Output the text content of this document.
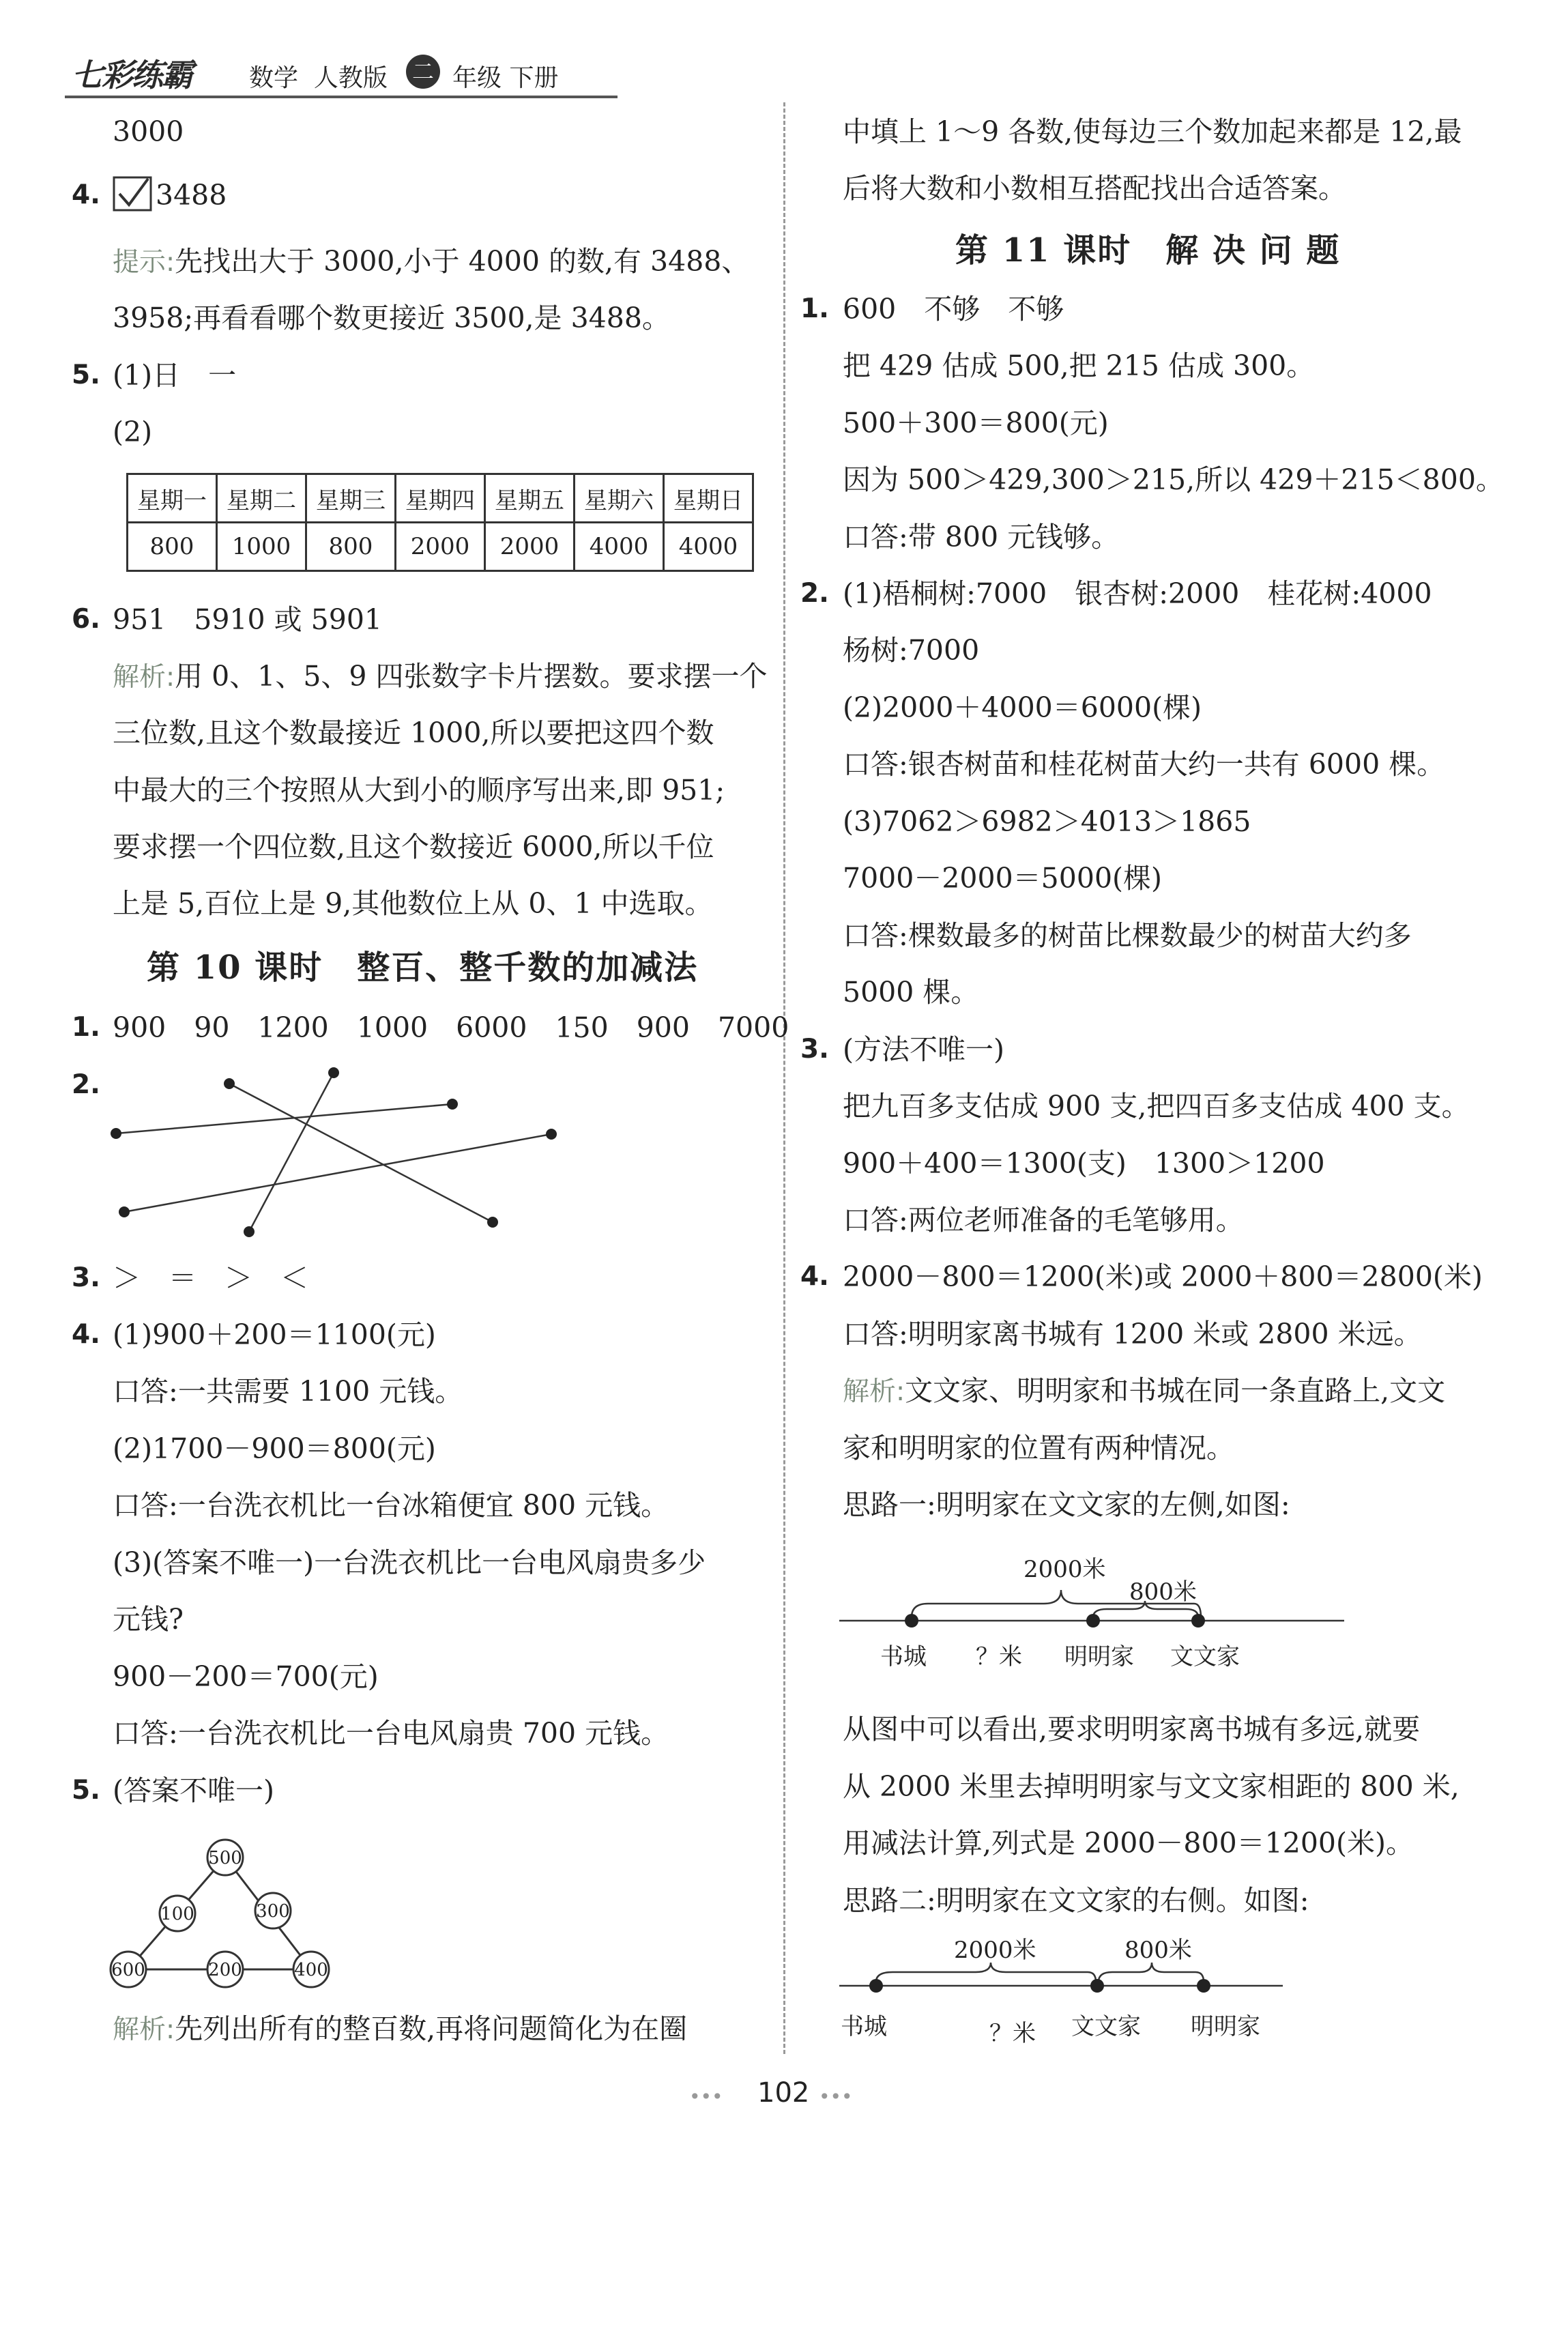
七彩练霸 数学 人教版 二 年级 下册
3000
4. 3488
提示:先找出大于 3000,小于 4000 的数,有 3488、
3958;再看看哪个数更接近 3500,是 3488。
5. (1)日　一
(2)
星期一	星期二	星期三	星期四	星期五	星期六	星期日
800	1000	800	2000	2000	4000	4000
6. 951　5910 或 5901
解析:用 0、1、5、9 四张数字卡片摆数。要求摆一个
三位数,且这个数最接近 1000,所以要把这四个数
中最大的三个按照从大到小的顺序写出来,即 951;
要求摆一个四位数,且这个数接近 6000,所以千位
上是 5,百位上是 9,其他数位上从 0、1 中选取。
第 10 课时　整百、整千数的加减法
1. 900　90　1200　1000　6000　150　900　7000
2.
3. ＞　＝　＞　＜
4. (1)900＋200＝1100(元)
口答:一共需要 1100 元钱。
(2)1700－900＝800(元)
口答:一台洗衣机比一台冰箱便宜 800 元钱。
(3)(答案不唯一)一台洗衣机比一台电风扇贵多少
元钱?
900－200＝700(元)
口答:一台洗衣机比一台电风扇贵 700 元钱。
5. (答案不唯一)
500
100	300
600	200	400
解析:先列出所有的整百数,再将问题简化为在圈
中填上 1～9 各数,使每边三个数加起来都是 12,最
后将大数和小数相互搭配找出合适答案。
第 11 课时　解 决 问 题
1. 600　不够　不够
把 429 估成 500,把 215 估成 300。
500＋300＝800(元)
因为 500＞429,300＞215,所以 429＋215＜800。
口答:带 800 元钱够。
2. (1)梧桐树:7000　银杏树:2000　桂花树:4000
杨树:7000
(2)2000＋4000＝6000(棵)
口答:银杏树苗和桂花树苗大约一共有 6000 棵。
(3)7062＞6982＞4013＞1865
7000－2000＝5000(棵)
口答:棵数最多的树苗比棵数最少的树苗大约多
5000 棵。
3. (方法不唯一)
把九百多支估成 900 支,把四百多支估成 400 支。
900＋400＝1300(支)　1300＞1200
口答:两位老师准备的毛笔够用。
4. 2000－800＝1200(米)或 2000＋800＝2800(米)
口答:明明家离书城有 1200 米或 2800 米远。
解析:文文家、明明家和书城在同一条直路上,文文
家和明明家的位置有两种情况。
思路一:明明家在文文家的左侧,如图:
2000米
800米
书城 ？米 明明家 文文家
从图中可以看出,要求明明家离书城有多远,就要
从 2000 米里去掉明明家与文文家相距的 800 米,
用减法计算,列式是 2000－800＝1200(米)。
思路二:明明家在文文家的右侧。如图:
2000米	800米
书城	？米 文文家 明明家
••• 102 •••
